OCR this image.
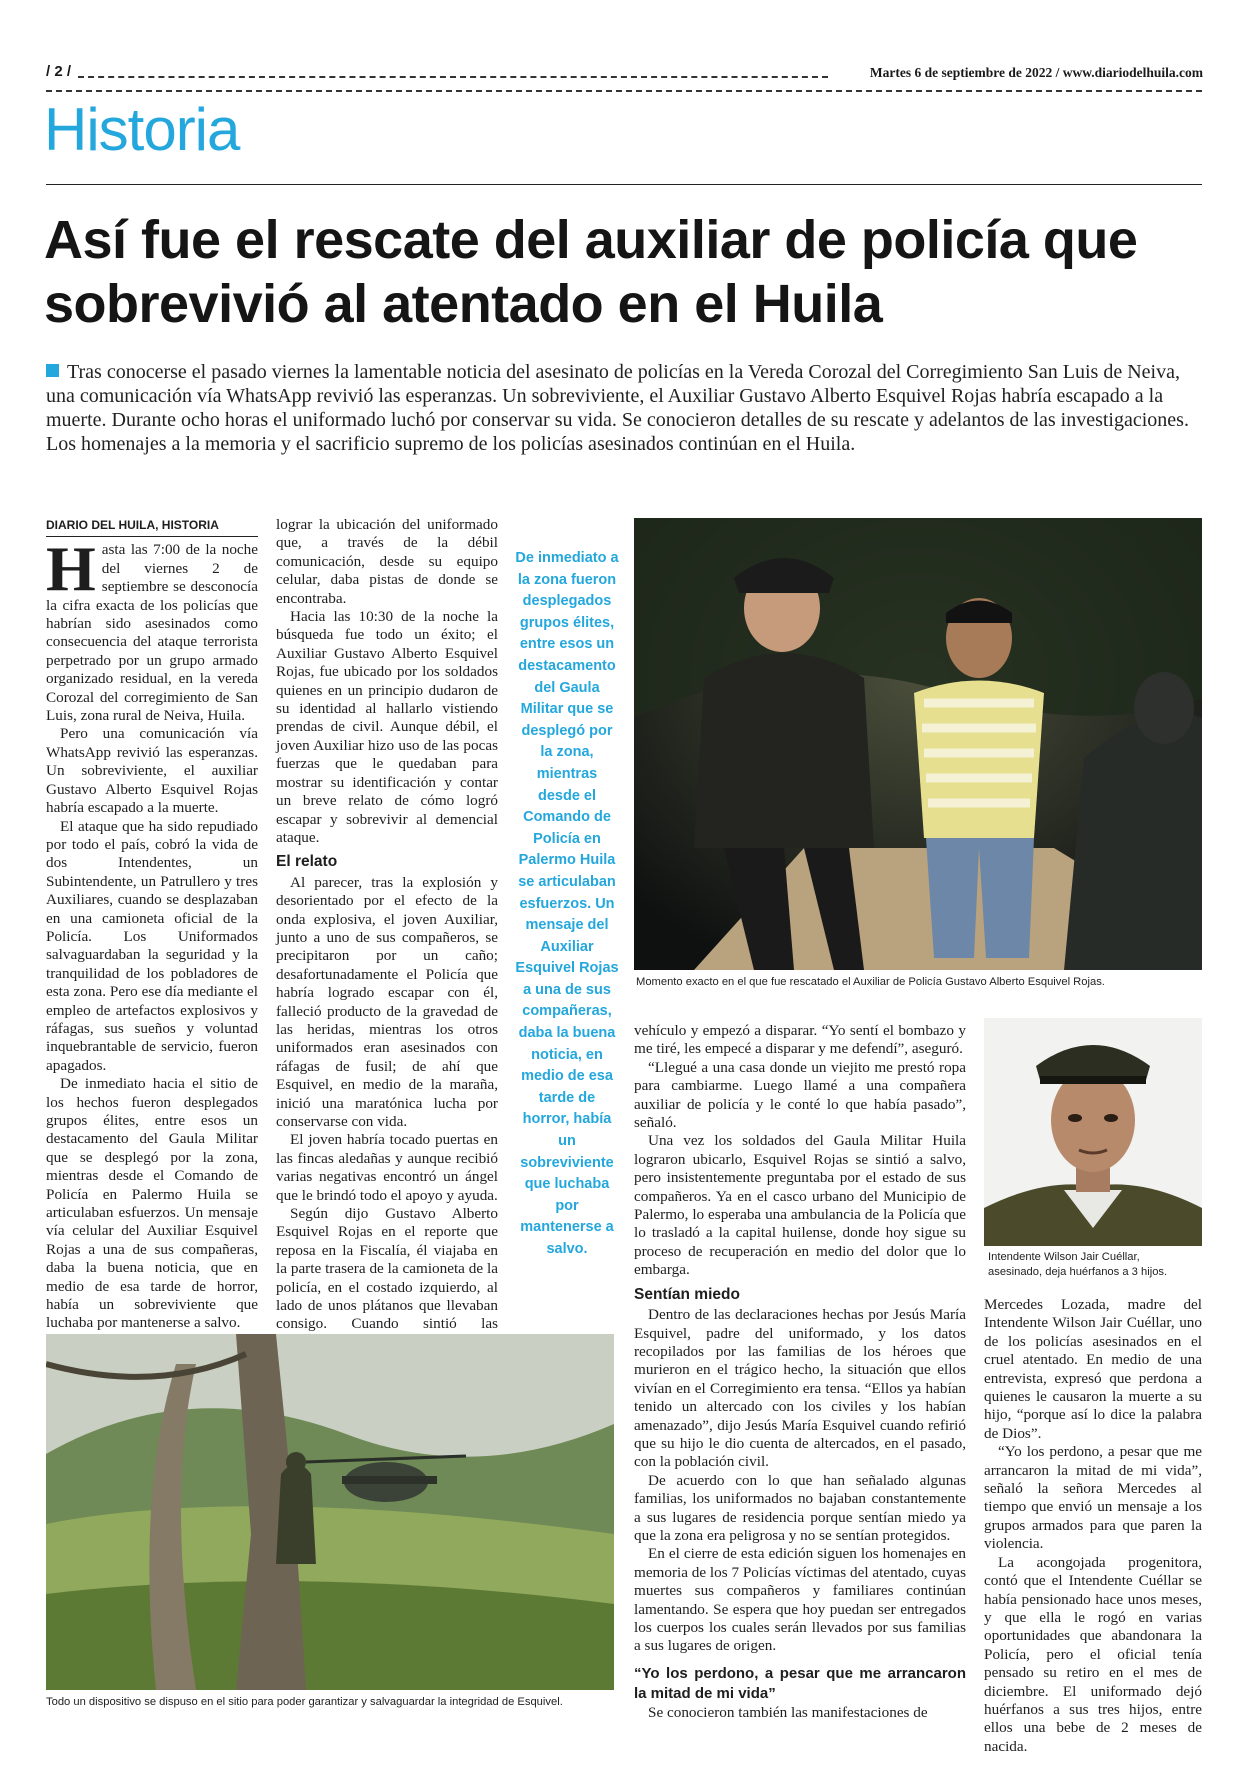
/ 2 /	Martes 6 de septiembre de 2022 / www.diariodelhuila.com
Historia
Así fue el rescate del auxiliar de policía que sobrevivió al atentado en el Huila
Tras conocerse el pasado viernes la lamentable noticia del asesinato de policías en la Vereda Corozal del Corregimiento San Luis de Neiva, una comunicación vía WhatsApp revivió las esperanzas. Un sobreviviente, el Auxiliar Gustavo Alberto Esquivel Rojas habría escapado a la muerte. Durante ocho horas el uniformado luchó por conservar su vida. Se conocieron detalles de su rescate y adelantos de las investigaciones. Los homenajes a la memoria y el sacrificio supremo de los policías asesinados continúan en el Huila.
DIARIO DEL HUILA, HISTORIA
H asta las 7:00 de la noche del viernes 2 de septiembre se desconocía la cifra exacta de los policías que habrían sido asesinados como consecuencia del ataque terrorista perpetrado por un grupo armado organizado residual, en la vereda Corozal del corregimiento de San Luis, zona rural de Neiva, Huila.

Pero una comunicación vía WhatsApp revivió las esperanzas. Un sobreviviente, el auxiliar Gustavo Alberto Esquivel Rojas habría escapado a la muerte.

El ataque que ha sido repudiado por todo el país, cobró la vida de dos Intendentes, un Subintendente, un Patrullero y tres Auxiliares, cuando se desplazaban en una camioneta oficial de la Policía. Los Uniformados salvaguardaban la seguridad y la tranquilidad de los pobladores de esta zona. Pero ese día mediante el empleo de artefactos explosivos y ráfagas, sus sueños y voluntad inquebrantable de servicio, fueron apagados.

De inmediato hacia el sitio de los hechos fueron desplegados grupos élites, entre esos un destacamento del Gaula Militar que se desplegó por la zona, mientras desde el Comando de Policía en Palermo Huila se articulaban esfuerzos. Un mensaje vía celular del Auxiliar Esquivel Rojas a una de sus compañeras, daba la buena noticia, que en medio de esa tarde de horror, había un sobreviviente que luchaba por mantenerse a salvo.

lograr la ubicación del uniformado que, a través de la débil comunicación, desde su equipo celular, daba pistas de donde se encontraba.

Hacia las 10:30 de la noche la búsqueda fue todo un éxito; el Auxiliar Gustavo Alberto Esquivel Rojas, fue ubicado por los soldados quienes en un principio dudaron de su identidad al hallarlo vistiendo prendas de civil. Aunque débil, el joven Auxiliar hizo uso de las pocas fuerzas que le quedaban para mostrar su identificación y contar un breve relato de cómo logró escapar y sobrevivir al demencial ataque.

El relato

Al parecer, tras la explosión y desorientado por el efecto de la onda explosiva, el joven Auxiliar, junto a uno de sus compañeros, se precipitaron por un caño; desafortunadamente el Policía que habría logrado escapar con él, falleció producto de la gravedad de las heridas, mientras los otros uniformados eran asesinados con ráfagas de fusil; de ahí que Esquivel, en medio de la maraña, inició una maratónica lucha por conservarse con vida.

El joven habría tocado puertas en las fincas aledañas y aunque recibió varias negativas encontró un ángel que le brindó todo el apoyo y ayuda.

Según dijo Gustavo Alberto Esquivel Rojas en el reporte que reposa en la Fiscalía, él viajaba en la parte trasera de la camioneta de la policía, en el costado izquierdo, al lado de unos plátanos que llevaban consigo. Cuando sintió las

De inmediato a la zona fueron desplegados grupos élites, entre esos un destacamento del Gaula Militar que se desplegó por la zona, mientras desde el Comando de Policía en Palermo Huila se articulaban esfuerzos. Un mensaje del Auxiliar Esquivel Rojas a una de sus compañeras, daba la buena noticia, en medio de esa tarde de horror, había un sobreviviente que luchaba por mantenerse a salvo.
Momento exacto en el que fue rescatado el Auxiliar de Policía Gustavo Alberto Esquivel Rojas.

vehículo y empezó a disparar. “Yo sentí el bombazo y me tiré, les empecé a disparar y me defendí”, aseguró.

“Llegué a una casa donde un viejito me prestó ropa para cambiarme. Luego llamé a una compañera auxiliar de policía y le conté lo que había pasado”, señaló.

Una vez los soldados del Gaula Militar Huila lograron ubicarlo, Esquivel Rojas se sintió a salvo, pero insistentemente preguntaba por el estado de sus compañeros. Ya en el casco urbano del Municipio de Palermo, lo esperaba una ambulancia de la Policía que lo trasladó a la capital huilense, donde hoy sigue su proceso de recuperación en medio del dolor que lo embarga.

Sentían miedo

Dentro de las declaraciones hechas por Jesús María Esquivel, padre del uniformado, y los datos recopilados por las familias de los héroes que murieron en el trágico hecho, la situación que ellos vivían en el Corregimiento era tensa. “Ellos ya habían tenido un altercado con los civiles y los habían amenazado”, dijo Jesús María Esquivel cuando refirió que su hijo le dio cuenta de altercados, en el pasado, con la población civil.

De acuerdo con lo que han señalado algunas familias, los uniformados no bajaban constantemente a sus lugares de residencia porque sentían miedo ya que la zona era peligrosa y no se sentían protegidos.

En el cierre de esta edición siguen los homenajes en memoria de los 7 Policías víctimas del atentado, cuyas muertes sus compañeros y familiares continúan lamentando. Se espera que hoy puedan ser entregados los cuerpos los cuales serán llevados por sus familias a sus lugares de origen.

“Yo los perdono, a pesar que me arrancaron la mitad de mi vida”

Se conocieron también las manifestaciones de

Intendente Wilson Jair Cuéllar,
asesinado, deja huérfanos a 3 hijos.

Mercedes Lozada, madre del Intendente Wilson Jair Cuéllar, uno de los policías asesinados en el cruel atentado. En medio de una entrevista, expresó que perdona a quienes le causaron la muerte a su hijo, “porque así lo dice la palabra de Dios”.

“Yo los perdono, a pesar que me arrancaron la mitad de mi vida”, señaló la señora Mercedes al tiempo que envió un mensaje a los grupos armados para que paren la violencia.

La acongojada progenitora, contó que el Intendente Cuéllar se había pensionado hace unos meses, y que ella le rogó en varias oportunidades que abandonara la Policía, pero el oficial tenía pensado su retiro en el mes de diciembre. El uniformado dejó huérfanos a sus tres hijos, entre ellos una bebe de 2 meses de nacida.

Todo un dispositivo se dispuso en el sitio para poder garantizar y salvaguardar la integridad de Esquivel.
